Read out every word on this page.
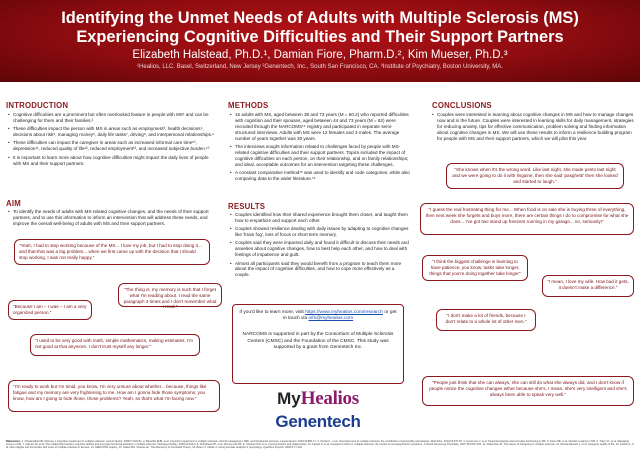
Identifying the Unmet Needs of Adults with Multiple Sclerosis (MS)
Experiencing Cognitive Difficulties and Their Support Partners
Elizabeth Halstead, Ph.D.¹, Damian Fiore, Pharm.D.², Kim Mueser, Ph.D.³
¹Healios, LLC. Basel, Switzerland, New Jersey ²Genentech, Inc., South San Francisco, CA. ³Institute of Psychiatry, Boston University, MA.
INTRODUCTION
• Cognitive difficulties are a prominent but often overlooked feature in people with MS¹ and can be challenging for them and their families.²
• These difficulties impact the person with MS in areas such as employment³, health decisions⁴, decisions about risk⁵, managing money⁶, daily life tasks⁷, driving⁸, and interpersonal relationships.⁹
• These difficulties can impact the caregiver in areas such as increased informal care time¹⁰, depression¹¹, reduced quality of life¹², reduced employment¹³, and increased subjective burden.¹⁰
• It is important to learn more about how cognitive difficulties might impact the daily lives of people with MS and their support partners.
AIM
• To identify the needs of adults with MS-related cognitive changes, and the needs of their support partners, and to use this information to inform an intervention that will address these needs, and improve the overall well-being of adults with MS and their support partners.
"Yeah, I had to stop working because of the MS... I love my job, but I had to stop doing it... and that-that was a big problem... when we first came up with the decision that I should stop working, I was not really happy."
"Because I am – I was – I am a very organized person."
"The thing is, my memory is such that I forget what I'm reading about. I read the same paragraph 3 times and I don't remember what I read."
"I used to be very good with math, simple mathematics, making estimates. I'm not good at that anymore, I don't trust myself any longer."
"I'm ready to work but I'm timid, you know, I'm very unsure about whether... because, things like fatigue and my memory are very frightening to me. How am I gonna hide those symptoms, you know, how am I going to hide those, those problems? Yeah, so that's what I'm facing now."
METHODS
• 15 adults with MS, aged between 38 and 73 years (M = 60.2) who reported difficulties with cognition and their spouses, aged between 44 and 73 years (M = 62) were recruited through the NARCOMS¹⁴ registry and participated in separate semi-structured interviews. Adults with MS were 12 females and 3 males. The average number of years together was 30 years.
• The interviews sought information related to challenges faced by people with MS-related cognitive difficulties and their support partners. Topics included the impact of cognitive difficulties on each person, on their relationship, and on family relationships; and ideal, acceptable outcomes for an intervention targeting these challenges.
• A constant comparative method¹⁵ was used to identify and code categories, while also comparing data to the wider literature.¹⁶
RESULTS
• Couples identified how their shared experience brought them closer, and taught them how to empathize and support each other.
• Couples showed resilience dealing with daily issues by adapting to cognitive changes like 'brain fog', loss of focus or short term memory.
• Couples said they were impacted daily and found it difficult to discuss their needs and anxieties about cognitive changes, how to best help each other, and how to deal with feelings of impatience and guilt.
• Almost all participants said they would benefit from a program to teach them more about the impact of cognitive difficulties, and how to cope more effectively as a couple.
If you'd like to learn more, visit https://www.myhealios.com/research or get in touch via info@myhealios.com
NARCOMS is supported in part by the Consortium of Multiple Sclerosis Centers (CMSC) and the Foundation of the CMSC. This study was supported by a grant from Genentech Inc.
MyHealios
Genentech
CONCLUSIONS
• Couples were interested in learning about cognitive changes in MS and how to manage changes now and in the future. Couples were interested in learning skills for daily management, strategies for reducing anxiety, tips for effective communication, problem solving and finding information about cognitive changes in MS. We will use these results to inform a resilience building program for people with MS and their support partners, which we will pilot this year.
"She knows when it's the wrong word. Like last night, she made pesto last night and we were going to do it with linguine, then she said 'pasghetti' then she looked and started to laugh."
"I guess the real frustrating thing for me... When food is on sale she is buying three of everything, then next week she forgets and buys more, there are certain things I do to compromise for what she does... I've got two stand up freezers running in my garage... no, seriously!"
"I think the biggest challenge is learning to have patience, you know, tasks take longer, things that you're doing together take longer"
"I mean, I love my wife. How bad it gets, it doesn't make a difference."
"I don't make a lot of friends, because I don't relate to a whole lot of other men."
"People just think that she can always, she can still do what she always did, and I don't know if people notice the cognitive changes either because she's, I mean, she's very intelligent and she's always been able to speak very well."
References: 1. Chiaravalloti ND, DeLuca J. Cognitive impairment in multiple sclerosis. Lancet Neurol. 2008;7:1139-51. 2. Benedict RHB, et al. Cognitive impairment in multiple sclerosis: clinical management, MRI, and therapeutic avenues. Lancet Neurol. 2020;19:860-71. 3. Strober L, et al. Unemployment in multiple sclerosis: the contribution of personality and disease. Mult Scler. 2012;18:647-53. 4. Goverover Y, et al. Financial capacity and everyday functioning in MS. 5. Farez MF, et al. Decision-making in MS. 6. Tracy VL, et al. Managing money in MS. 7. Kalmar JH, et al. The relationship between cognitive deficits and everyday functional activities in multiple sclerosis. Neuropsychology. 2008;22:442-9. 8. Schultheis MT, et al. Driving and MS. 9. Yorkston KM, et al. Communication and relationships. 10. Figved N, et al. Caregiver burden in multiple sclerosis: the impact of neuropsychiatric symptoms. J Neurol Neurosurg Psychiatry. 2007;78:1097-102. 11. Pakenham KI. The nature of caregiving in multiple sclerosis. 12. Rivera-Navarro J, et al. Caregiver quality of life. 13. Kobelt G, et al. New insights into the burden and costs of multiple sclerosis in Europe. 14. NARCOMS registry. 15. Glaser BG, Strauss AL. The Discovery of Grounded Theory. 16. Braun V, Clarke V. Using thematic analysis in psychology. Qual Res Psychol. 2006;3:77-101.
